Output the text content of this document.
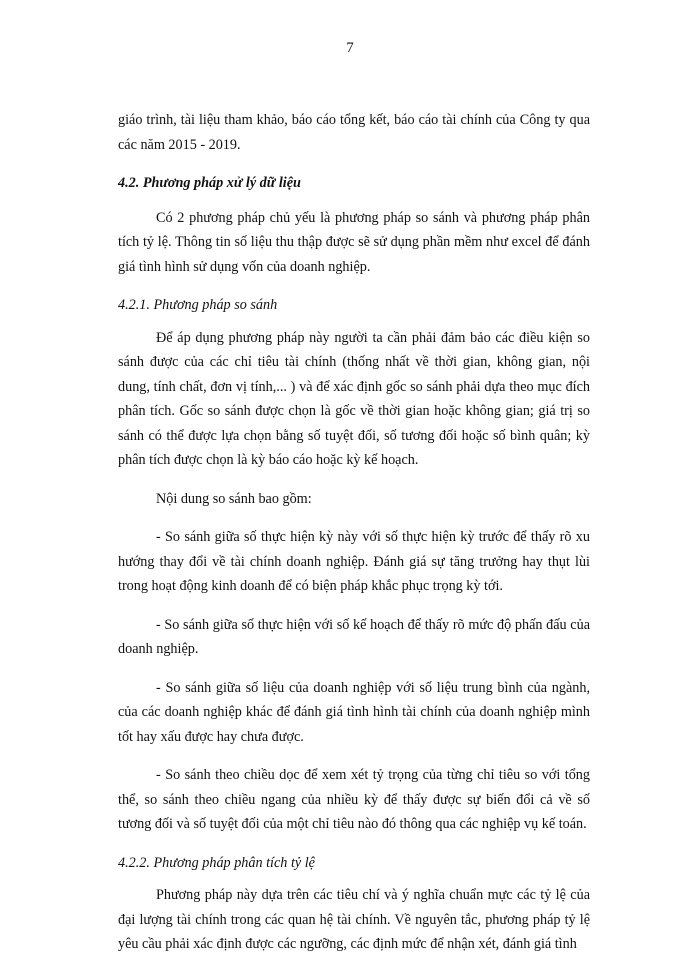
7

giáo trình, tài liệu tham khảo, báo cáo tổng kết, báo cáo tài chính của Công ty qua các năm 2015 - 2019.

4.2. Phương pháp xử lý dữ liệu

Có 2 phương pháp chủ yếu là phương pháp so sánh và phương pháp phân tích tỷ lệ. Thông tin số liệu thu thập được sẽ sử dụng phần mềm như excel để đánh giá tình hình sử dụng vốn của doanh nghiệp.

4.2.1. Phương pháp so sánh

Để áp dụng phương pháp này người ta cần phải đảm bảo các điều kiện so sánh được của các chỉ tiêu tài chính (thống nhất về thời gian, không gian, nội dung, tính chất, đơn vị tính,... ) và để xác định gốc so sánh phải dựa theo mục đích phân tích. Gốc so sánh được chọn là gốc về thời gian hoặc không gian; giá trị so sánh có thể được lựa chọn bằng số tuyệt đối, số tương đối hoặc số bình quân; kỳ phân tích được chọn là kỳ báo cáo hoặc kỳ kế hoạch.

Nội dung so sánh bao gồm:

- So sánh giữa số thực hiện kỳ này với số thực hiện kỳ trước để thấy rõ xu hướng thay đổi về tài chính doanh nghiệp. Đánh giá sự tăng trưởng hay thụt lùi trong hoạt động kinh doanh để có biện pháp khắc phục trọng kỳ tới.

- So sánh giữa số thực hiện với số kế hoạch để thấy rõ mức độ phấn đấu của doanh nghiệp.

- So sánh giữa số liệu của doanh nghiệp với số liệu trung bình của ngành, của các doanh nghiệp khác để đánh giá tình hình tài chính của doanh nghiệp mình tốt hay xấu được hay chưa được.

- So sánh theo chiều dọc để xem xét tỷ trọng của từng chỉ tiêu so với tổng thể, so sánh theo chiều ngang của nhiều kỳ để thấy được sự biến đổi cả về số tương đối và số tuyệt đối của một chỉ tiêu nào đó thông qua các nghiệp vụ kế toán.

4.2.2. Phương pháp phân tích tỷ lệ

Phương pháp này dựa trên các tiêu chí và ý nghĩa chuẩn mực các tỷ lệ của đại lượng tài chính trong các quan hệ tài chính. Về nguyên tắc, phương pháp tỷ lệ yêu cầu phải xác định được các ngưỡng, các định mức để nhận xét, đánh giá tình
